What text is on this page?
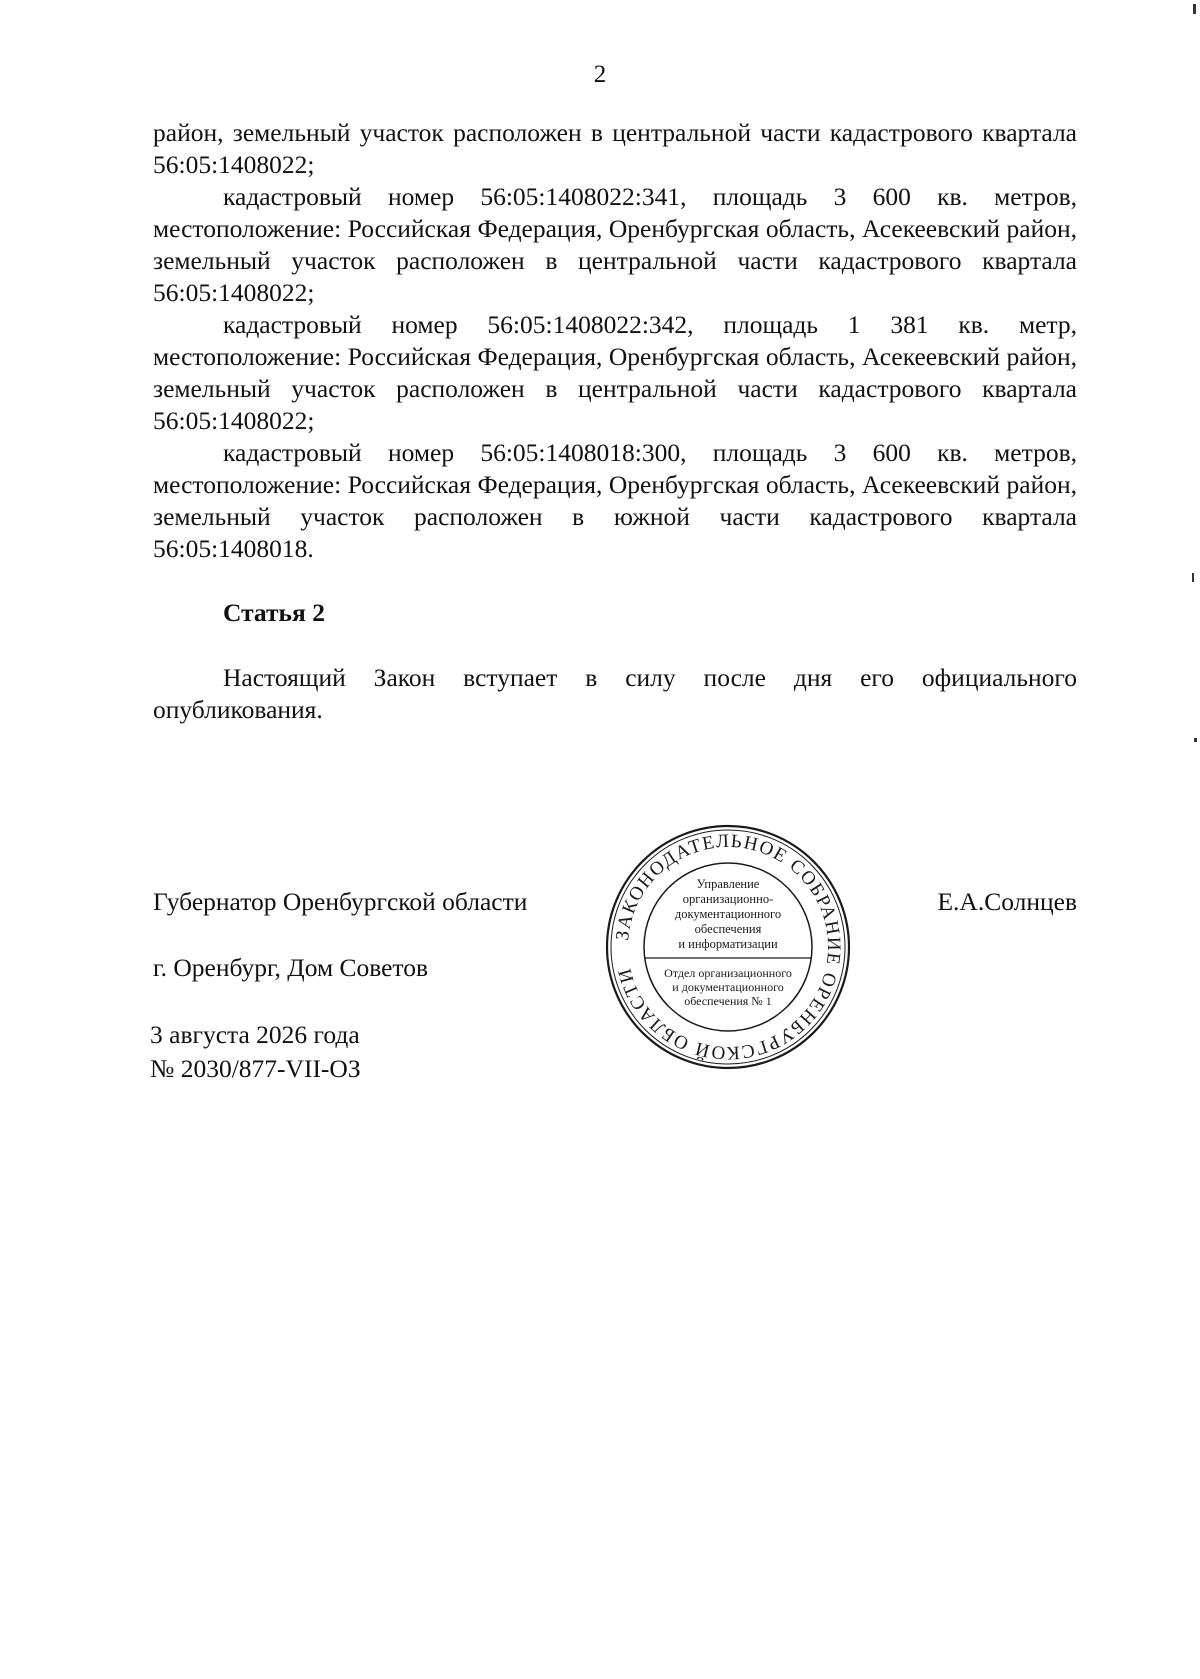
2

район, земельный участок расположен в центральной части кадастрового квартала 56:05:1408022;

кадастровый номер 56:05:1408022:341, площадь 3 600 кв. метров, местоположение: Российская Федерация, Оренбургская область, Асекеевский район, земельный участок расположен в центральной части кадастрового квартала 56:05:1408022;

кадастровый номер 56:05:1408022:342, площадь 1 381 кв. метр, местоположение: Российская Федерация, Оренбургская область, Асекеевский район, земельный участок расположен в центральной части кадастрового квартала 56:05:1408022;

кадастровый номер 56:05:1408018:300, площадь 3 600 кв. метров, местоположение: Российская Федерация, Оренбургская область, Асекеевский район, земельный участок расположен в южной части кадастрового квартала 56:05:1408018.

Статья 2

Настоящий Закон вступает в силу после дня его официального опубликования.

Губернатор Оренбургской области	Е.А.Солнцев
г. Оренбург, Дом Советов
3 августа 2026 года
№ 2030/877-VII-ОЗ
ЗАКОНОДАТЕЛЬНОЕ СОБРАНИЕ ОРЕНБУРГСКОЙ ОБЛАСТИ
Управление
организационно-
документационного
обеспечения
и информатизации
Отдел организационного
и документационного
обеспечения № 1
